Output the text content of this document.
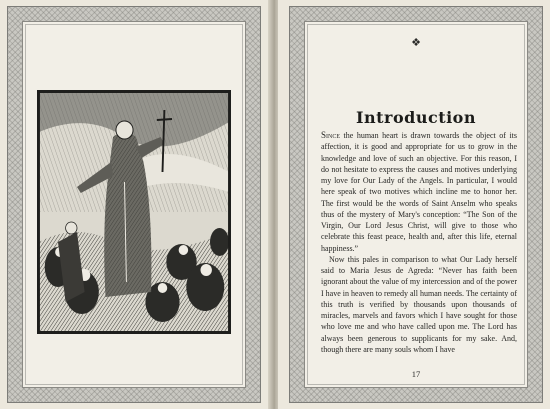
❖
Introduction

Since the human heart is drawn towards the object of its affection, it is good and appropriate for us to grow in the knowledge and love of such an objective. For this reason, I do not hesitate to express the causes and motives underlying my love for Our Lady of the Angels. In particular, I would here speak of two motives which incline me to honor her. The first would be the words of Saint Anselm who speaks thus of the mystery of Mary's conception: “The Son of the Virgin, Our Lord Jesus Christ, will give to those who celebrate this feast peace, health and, after this life, eternal happiness.”

Now this pales in comparison to what Our Lady herself said to Maria Jesus de Agreda: “Never has faith been ignorant about the value of my intercession and of the power I have in heaven to remedy all human needs. The certainty of this truth is verified by thousands upon thousands of miracles, marvels and favors which I have sought for those who love me and who have called upon me. The Lord has always been generous to supplicants for my sake. And, though there are many souls whom I have

17
